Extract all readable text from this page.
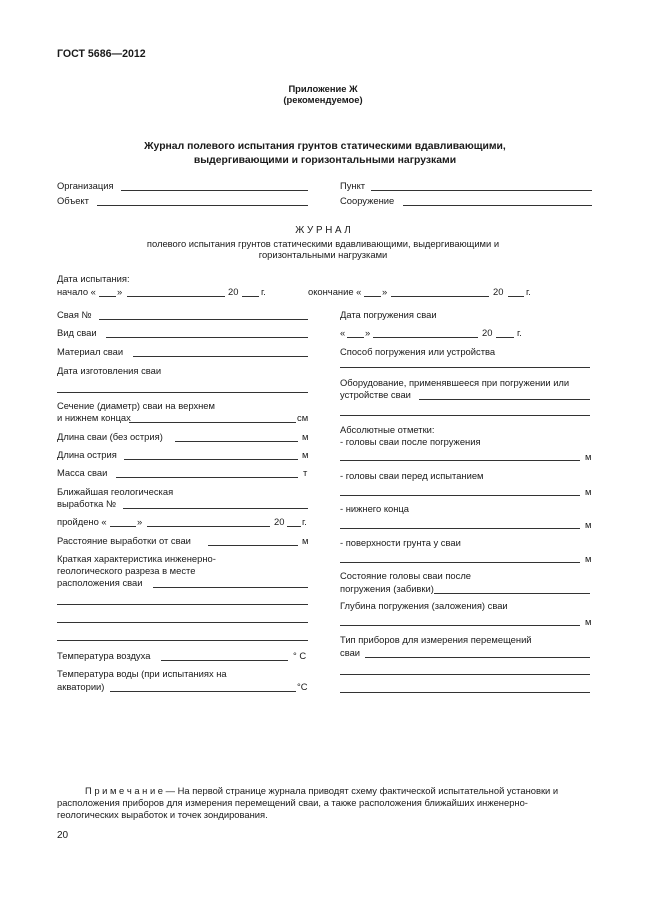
ГОСТ 5686—2012
Приложение Ж
(рекомендуемое)
Журнал полевого испытания грунтов статическими вдавливающими,
выдергивающими и горизонтальными нагрузками
Организация
Объект
Пункт
Сооружение
Ж У Р Н А Л
полевого испытания грунтов статическими вдавливающими, выдергивающими и
горизонтальными нагрузками
Дата испытания:
начало « »	20 г.	окончание « »	20 г.
Свая №
Вид сваи
Материал сваи
Дата изготовления сваи
Сечение (диаметр) сваи на верхнем
и нижнем концах	см
Длина сваи (без острия)	м
Длина острия	м
Масса сваи	т
Ближайшая геологическая
выработка №
пройдено «	»	20 г.
Расстояние выработки от сваи	м
Краткая характеристика инженерно-
геологического разреза в месте
расположения сваи
Температура воздуха	° С
Температура воды (при испытаниях на
акватории)	°С
Дата погружения сваи
« »	20	г.
Способ погружения или устройства
Оборудование, применявшееся при погружении или
устройстве сваи
Абсолютные отметки:
- головы сваи после погружения
м
- головы сваи перед испытанием
м
- нижнего конца
м
- поверхности грунта у сваи
м
Состояние головы сваи после
погружения (забивки)
Глубина погружения (заложения) сваи
м
Тип приборов для измерения перемещений
сваи
П р и м е ч а н и е — На первой странице журнала приводят схему фактической испытательной установки и
расположения приборов для измерения перемещений сваи, а также расположения ближайших инженерно-
геологических выработок и точек зондирования.
20
